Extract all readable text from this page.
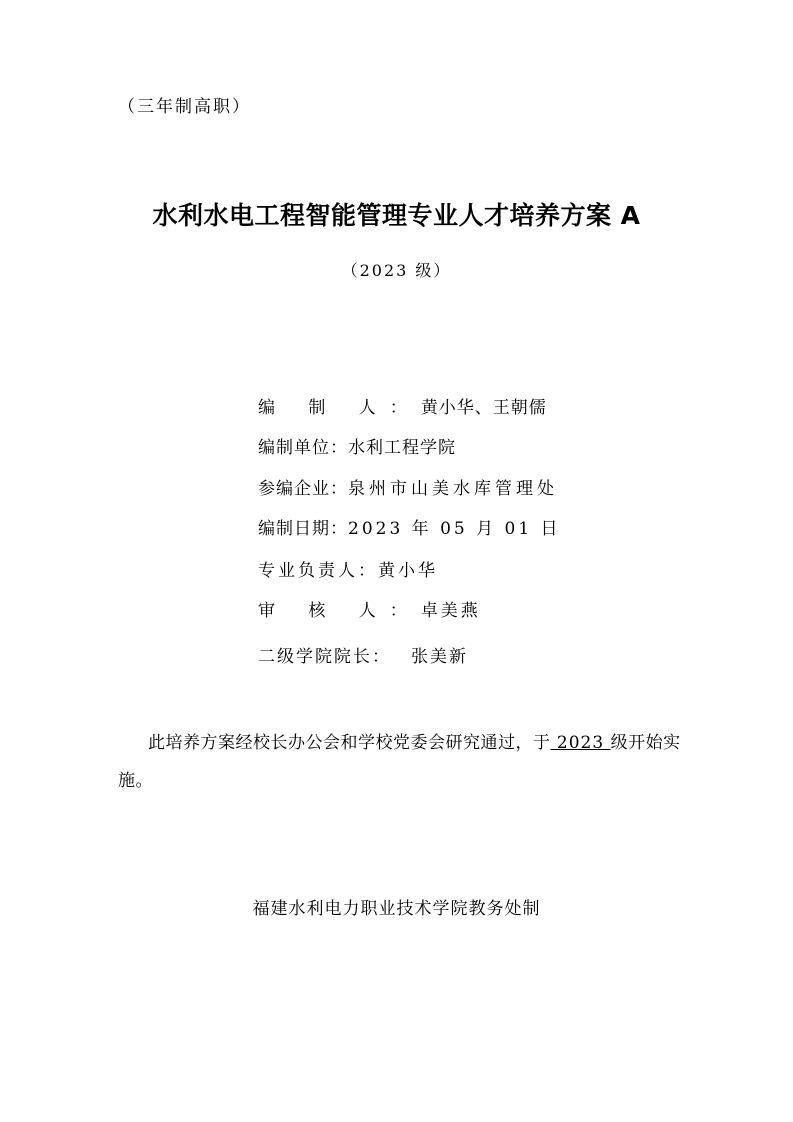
（三年制高职）
水利水电工程智能管理专业人才培养方案 A
（2023 级）
编 制 人：黄小华、王朝儒
编制单位：水利工程学院
参编企业：泉州市山美水库管理处
编制日期：2023 年 05 月 01 日
专业负责人：黄小华
审 核 人：卓美燕
二级学院院长： 张美新
此培养方案经校长办公会和学校党委会研究通过，于 2023 级开始实施。
福建水利电力职业技术学院教务处制
